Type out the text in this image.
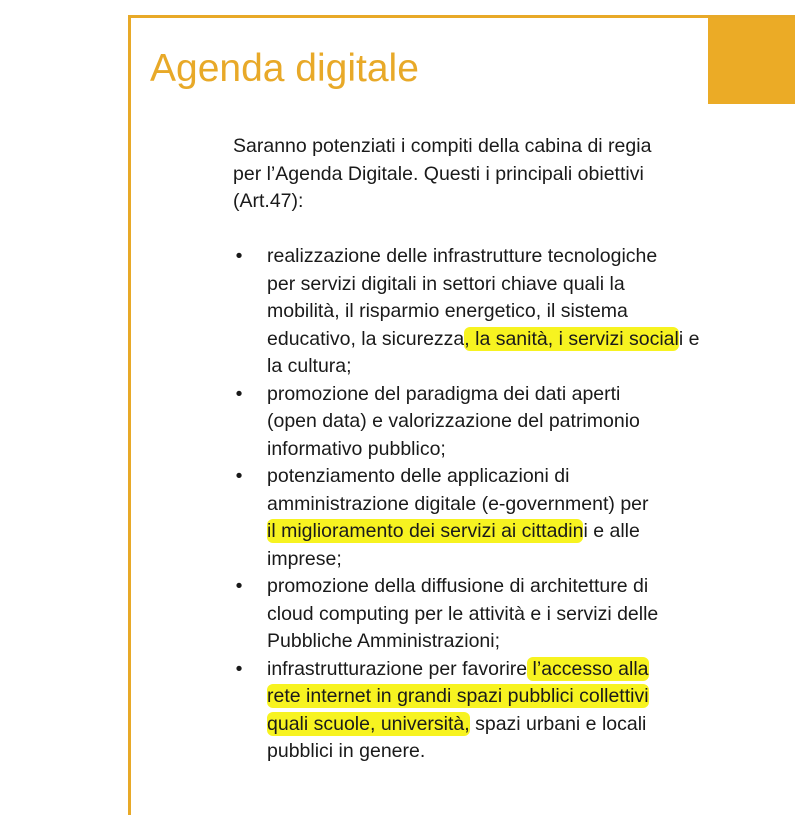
Agenda digitale
Saranno potenziati i compiti della cabina di regia
per l’Agenda Digitale. Questi i principali obiettivi
(Art.47):
• realizzazione delle infrastrutture tecnologiche
per servizi digitali in settori chiave quali la
mobilità, il risparmio energetico, il sistema
educativo, la sicurezza, la sanità, i servizi sociali e
la cultura;
• promozione del paradigma dei dati aperti
(open data) e valorizzazione del patrimonio
informativo pubblico;
• potenziamento delle applicazioni di
amministrazione digitale (e-government) per
il miglioramento dei servizi ai cittadini e alle
imprese;
• promozione della diffusione di architetture di
cloud computing per le attività e i servizi delle
Pubbliche Amministrazioni;
• infrastrutturazione per favorire l’accesso alla
rete internet in grandi spazi pubblici collettivi
quali scuole, università, spazi urbani e locali
pubblici in genere.
